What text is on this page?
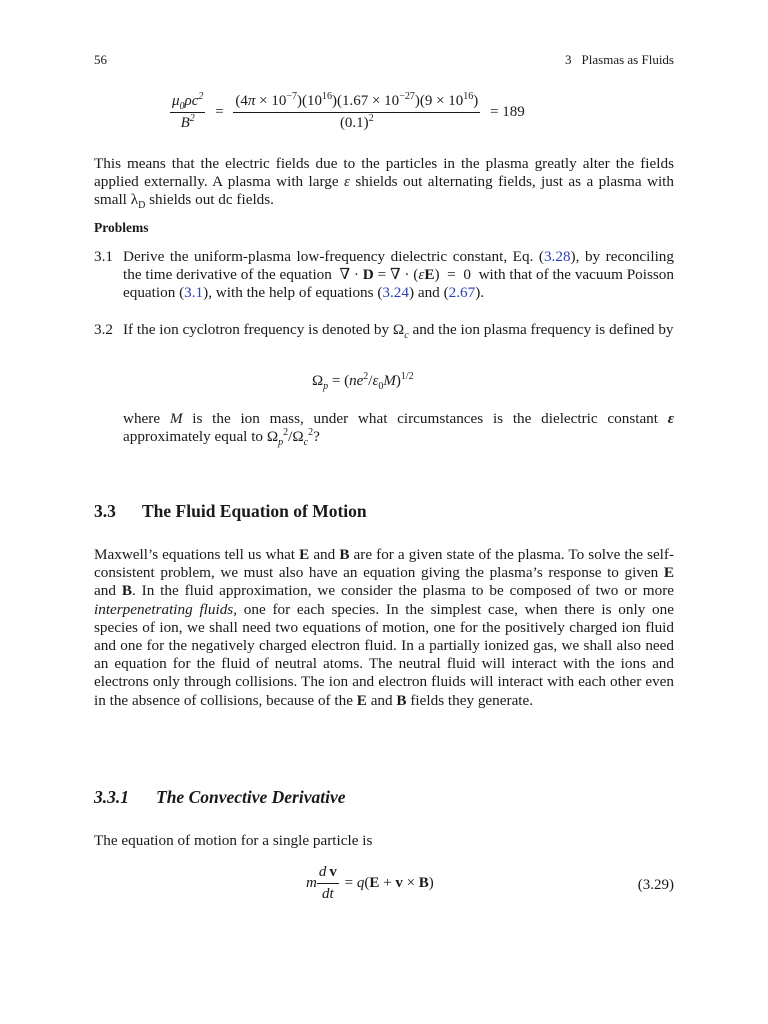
56	3 Plasmas as Fluids
$\frac{\mu_0\rho c^2}{B^2} = \frac{(4\pi \times 10^{-7})(10^{16})(1.67 \times 10^{-27})(9 \times 10^{16})}{(0.1)^2} = 189$
This means that the electric fields due to the particles in the plasma greatly alter the fields applied externally. A plasma with large ε shields out alternating fields, just as a plasma with small $\lambda_D$ shields out dc fields.
Problems
3.1 Derive the uniform-plasma low-frequency dielectric constant, Eq. (3.28), by reconciling the time derivative of the equation  ∇ · D = ∇ · (εE)  =  0  with that of the vacuum Poisson equation (3.1), with the help of equations (3.24) and (2.67).
3.2 If the ion cyclotron frequency is denoted by $\Omega_c$ and the ion plasma frequency is defined by
$\Omega_p = (ne^2/\varepsilon_0M)^{1/2}$
where M is the ion mass, under what circumstances is the dielectric constant ε approximately equal to $\Omega_p^2/\Omega_c^2$?
3.3 The Fluid Equation of Motion
Maxwell’s equations tell us what E and B are for a given state of the plasma. To solve the self-consistent problem, we must also have an equation giving the plasma’s response to given E and B. In the fluid approximation, we consider the plasma to be composed of two or more interpenetrating fluids, one for each species. In the simplest case, when there is only one species of ion, we shall need two equations of motion, one for the positively charged ion fluid and one for the negatively charged electron fluid. In a partially ionized gas, we shall also need an equation for the fluid of neutral atoms. The neutral fluid will interact with the ions and electrons only through collisions. The ion and electron fluids will interact with each other even in the absence of collisions, because of the E and B fields they generate.
3.3.1 The Convective Derivative
The equation of motion for a single particle is
m $\frac{\text{d  v}}{dt} = q(E + v \times B)$	(3.29)
